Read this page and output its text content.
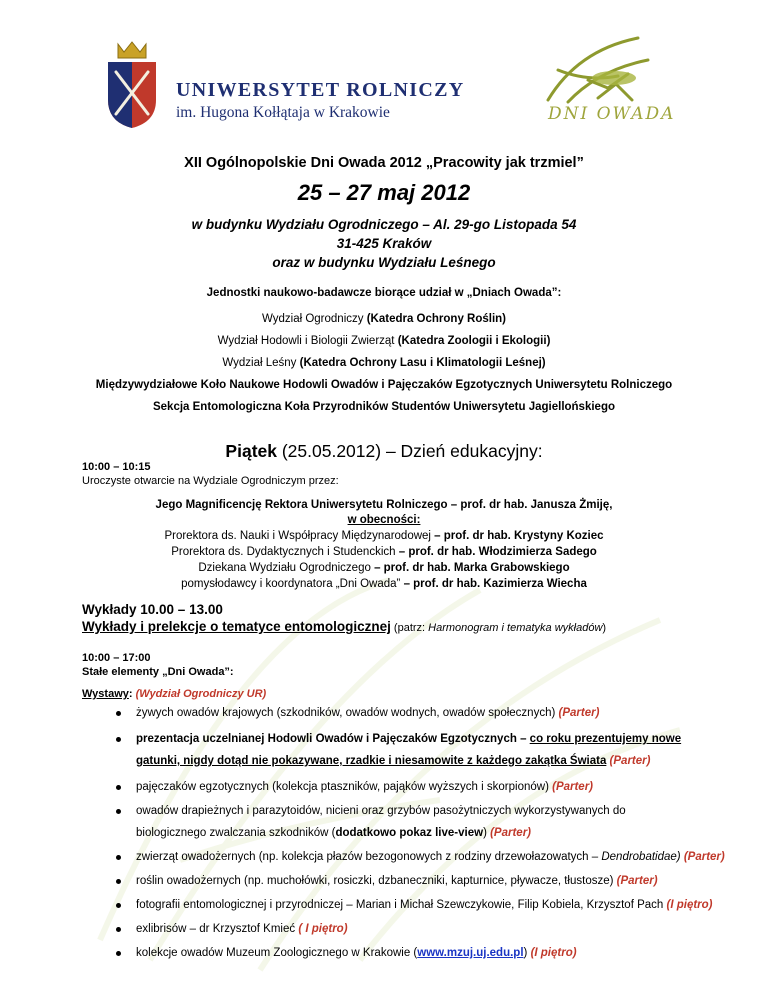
UNIWERSYTET ROLNICZY
im. Hugona Kołłątaja w Krakowie	DNI OWADA
XII Ogólnopolskie Dni Owada 2012 „Pracowity jak trzmiel”
25 – 27 maj 2012
w budynku Wydziału Ogrodniczego – Al. 29-go Listopada 54
31-425 Kraków
oraz w budynku Wydziału Leśnego
Jednostki naukowo-badawcze biorące udział w „Dniach Owada”:
Wydział Ogrodniczy (Katedra Ochrony Roślin)
Wydział Hodowli i Biologii Zwierząt (Katedra Zoologii i Ekologii)
Wydział Leśny (Katedra Ochrony Lasu i Klimatologii Leśnej)
Międzywydziałowe Koło Naukowe Hodowli Owadów i Pajęczaków Egzotycznych Uniwersytetu Rolniczego
Sekcja Entomologiczna Koła Przyrodników Studentów Uniwersytetu Jagiellońskiego
Piątek (25.05.2012) – Dzień edukacyjny:
10:00 – 10:15
Uroczyste otwarcie na Wydziale Ogrodniczym przez:
Jego Magnificencję Rektora Uniwersytetu Rolniczego – prof. dr hab. Janusza Żmiję,
w obecności:
Prorektora ds. Nauki i Współpracy Międzynarodowej – prof. dr hab. Krystyny Koziec
Prorektora ds. Dydaktycznych i Studenckich – prof. dr hab. Włodzimierza Sadego
Dziekana Wydziału Ogrodniczego – prof. dr hab. Marka Grabowskiego
pomysłodawcy i koordynatora „Dni Owada” – prof. dr hab. Kazimierza Wiecha
Wykłady 10.00 – 13.00
Wykłady i prelekcje o tematyce entomologicznej (patrz: Harmonogram i tematyka wykładów)
10:00 – 17:00
Stałe elementy „Dni Owada”:
Wystawy: (Wydział Ogrodniczy UR)
żywych owadów krajowych (szkodników, owadów wodnych, owadów społecznych) (Parter)
prezentacja uczelnianej Hodowli Owadów i Pajęczaków Egzotycznych – co roku prezentujemy nowe
gatunki, nigdy dotąd nie pokazywane, rzadkie i niesamowite z każdego zakątka Świata (Parter)
pajęczaków egzotycznych (kolekcja ptaszników, pająków wyższych i skorpionów) (Parter)
owadów drapieżnych i parazytoidów, nicieni oraz grzybów pasożytniczych wykorzystywanych do
biologicznego zwalczania szkodników (dodatkowo pokaz live-view) (Parter)
zwierząt owadożernych (np. kolekcja płazów bezogonowych z rodziny drzewołazowatych – Dendrobatidae) (Parter)
roślin owadożernych (np. muchołówki, rosiczki, dzbaneczniki, kapturnice, pływacze, tłustosze) (Parter)
fotografii entomologicznej i przyrodniczej – Marian i Michał Szewczykowie, Filip Kobiela, Krzysztof Pach (I piętro)
exlibrisów – dr Krzysztof Kmieć ( I piętro)
kolekcje owadów Muzeum Zoologicznego w Krakowie (www.mzuj.uj.edu.pl) (I piętro)
